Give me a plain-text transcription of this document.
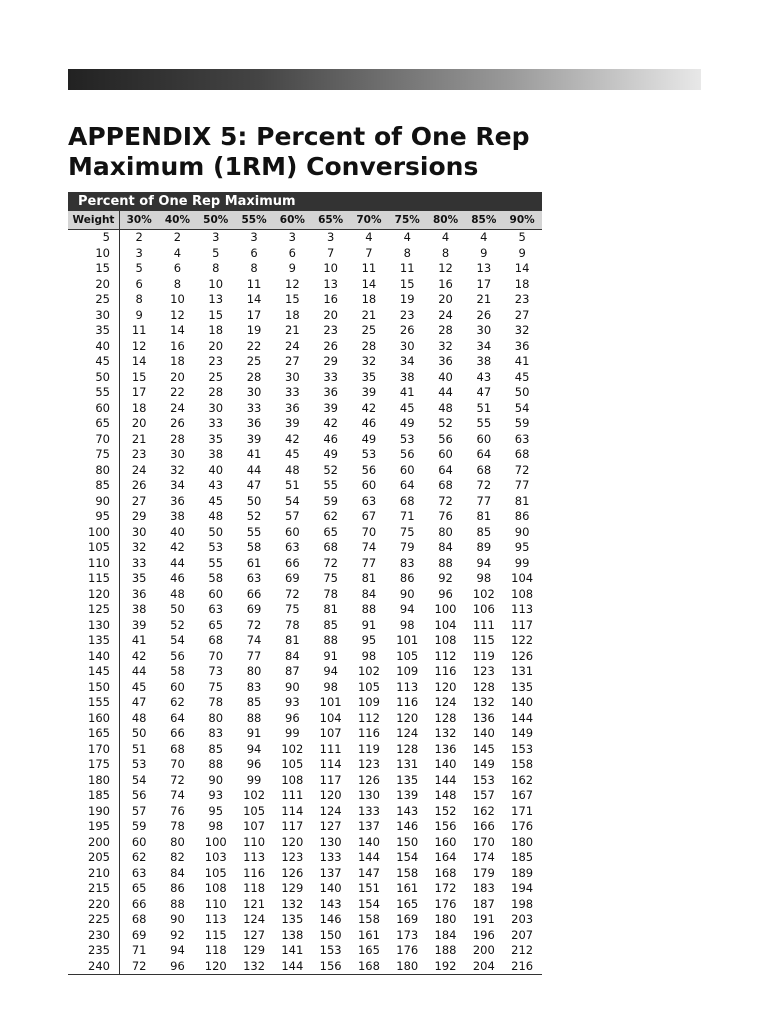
APPENDIX 5: Percent of One Rep
Maximum (1RM) Conversions
Percent of One Rep Maximum
Weight	30%	40%	50%	55%	60%	65%	70%	75%	80%	85%	90%
5	2	2	3	3	3	3	4	4	4	4	5
10	3	4	5	6	6	7	7	8	8	9	9
15	5	6	8	8	9	10	11	11	12	13	14
20	6	8	10	11	12	13	14	15	16	17	18
25	8	10	13	14	15	16	18	19	20	21	23
30	9	12	15	17	18	20	21	23	24	26	27
35	11	14	18	19	21	23	25	26	28	30	32
40	12	16	20	22	24	26	28	30	32	34	36
45	14	18	23	25	27	29	32	34	36	38	41
50	15	20	25	28	30	33	35	38	40	43	45
55	17	22	28	30	33	36	39	41	44	47	50
60	18	24	30	33	36	39	42	45	48	51	54
65	20	26	33	36	39	42	46	49	52	55	59
70	21	28	35	39	42	46	49	53	56	60	63
75	23	30	38	41	45	49	53	56	60	64	68
80	24	32	40	44	48	52	56	60	64	68	72
85	26	34	43	47	51	55	60	64	68	72	77
90	27	36	45	50	54	59	63	68	72	77	81
95	29	38	48	52	57	62	67	71	76	81	86
100	30	40	50	55	60	65	70	75	80	85	90
105	32	42	53	58	63	68	74	79	84	89	95
110	33	44	55	61	66	72	77	83	88	94	99
115	35	46	58	63	69	75	81	86	92	98	104
120	36	48	60	66	72	78	84	90	96	102	108
125	38	50	63	69	75	81	88	94	100	106	113
130	39	52	65	72	78	85	91	98	104	111	117
135	41	54	68	74	81	88	95	101	108	115	122
140	42	56	70	77	84	91	98	105	112	119	126
145	44	58	73	80	87	94	102	109	116	123	131
150	45	60	75	83	90	98	105	113	120	128	135
155	47	62	78	85	93	101	109	116	124	132	140
160	48	64	80	88	96	104	112	120	128	136	144
165	50	66	83	91	99	107	116	124	132	140	149
170	51	68	85	94	102	111	119	128	136	145	153
175	53	70	88	96	105	114	123	131	140	149	158
180	54	72	90	99	108	117	126	135	144	153	162
185	56	74	93	102	111	120	130	139	148	157	167
190	57	76	95	105	114	124	133	143	152	162	171
195	59	78	98	107	117	127	137	146	156	166	176
200	60	80	100	110	120	130	140	150	160	170	180
205	62	82	103	113	123	133	144	154	164	174	185
210	63	84	105	116	126	137	147	158	168	179	189
215	65	86	108	118	129	140	151	161	172	183	194
220	66	88	110	121	132	143	154	165	176	187	198
225	68	90	113	124	135	146	158	169	180	191	203
230	69	92	115	127	138	150	161	173	184	196	207
235	71	94	118	129	141	153	165	176	188	200	212
240	72	96	120	132	144	156	168	180	192	204	216
